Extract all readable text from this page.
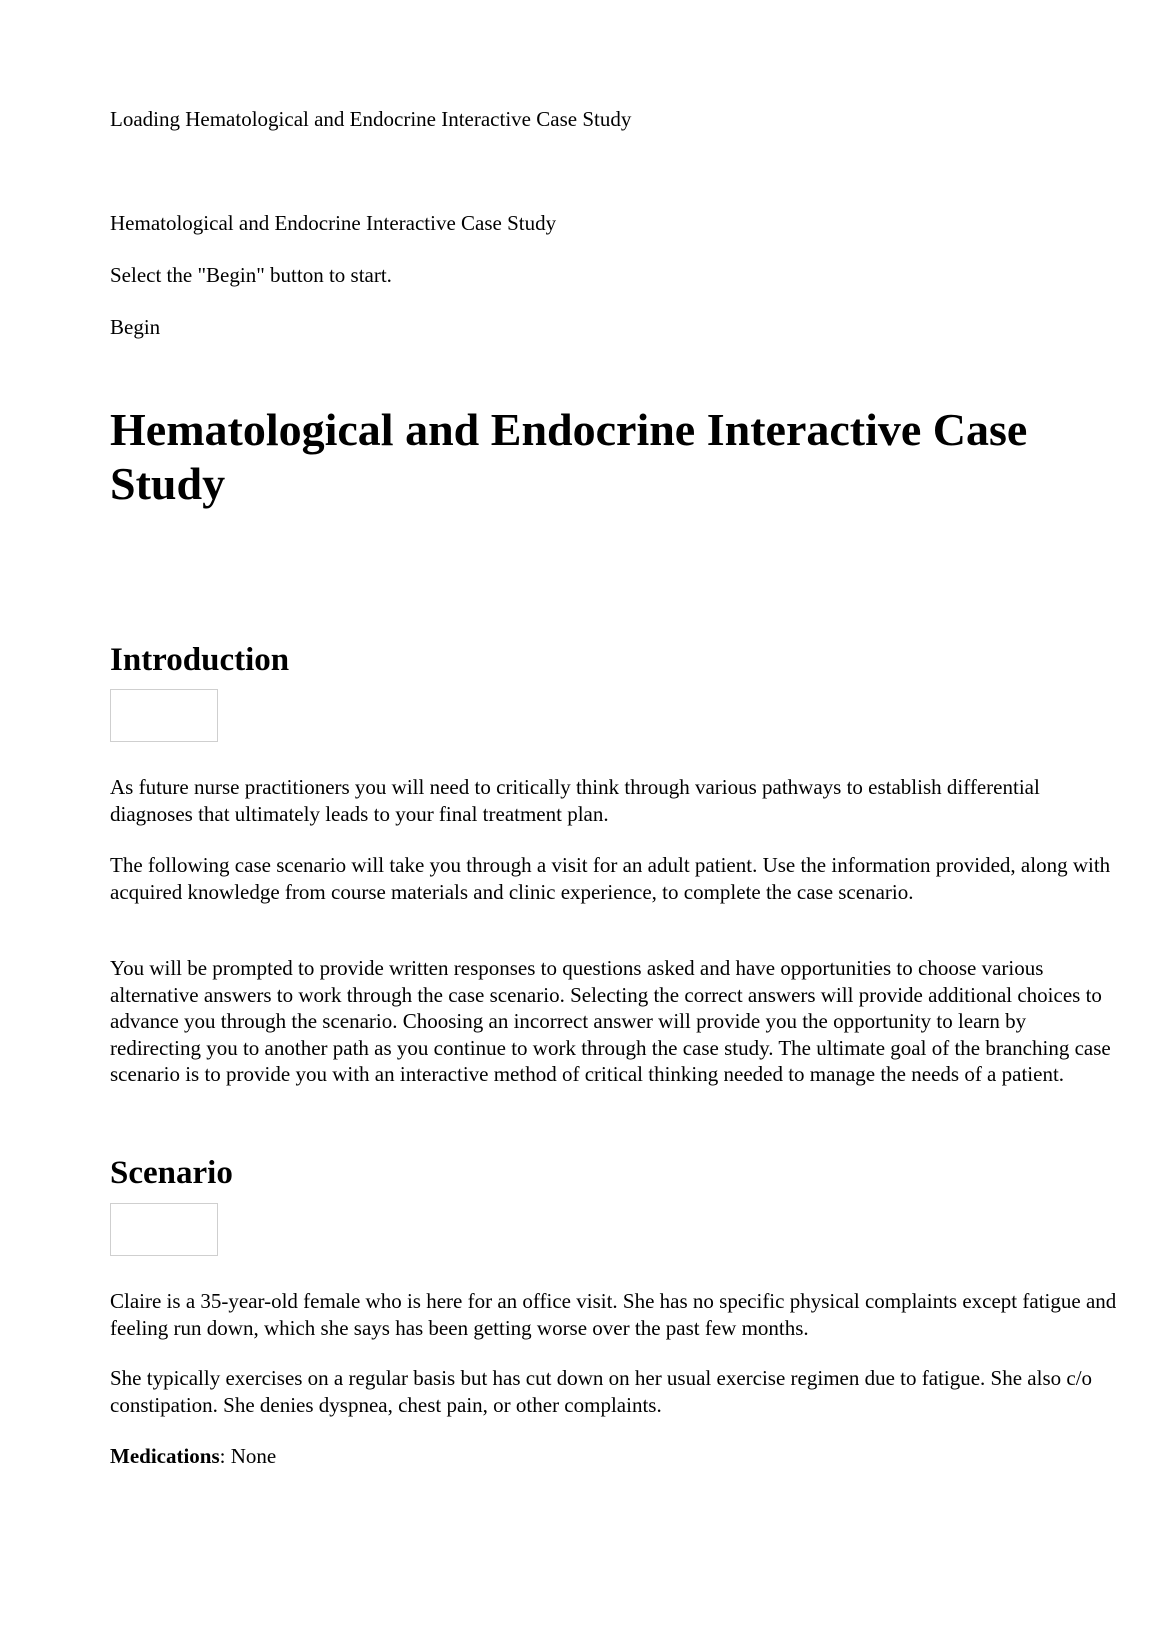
Loading Hematological and Endocrine Interactive Case Study
Hematological and Endocrine Interactive Case Study
Select the "Begin" button to start.
Begin
Hematological and Endocrine Interactive Case Study
Introduction
As future nurse practitioners you will need to critically think through various pathways to establish differential diagnoses that ultimately leads to your final treatment plan.
The following case scenario will take you through a visit for an adult patient. Use the information provided, along with acquired knowledge from course materials and clinic experience, to complete the case scenario.
You will be prompted to provide written responses to questions asked and have opportunities to choose various alternative answers to work through the case scenario. Selecting the correct answers will provide additional choices to advance you through the scenario. Choosing an incorrect answer will provide you the opportunity to learn by redirecting you to another path as you continue to work through the case study. The ultimate goal of the branching case scenario is to provide you with an interactive method of critical thinking needed to manage the needs of a patient.
Scenario
Claire is a 35-year-old female who is here for an office visit. She has no specific physical complaints except fatigue and feeling run down, which she says has been getting worse over the past few months.
She typically exercises on a regular basis but has cut down on her usual exercise regimen due to fatigue. She also c/o constipation. She denies dyspnea, chest pain, or other complaints.
Medications: None
